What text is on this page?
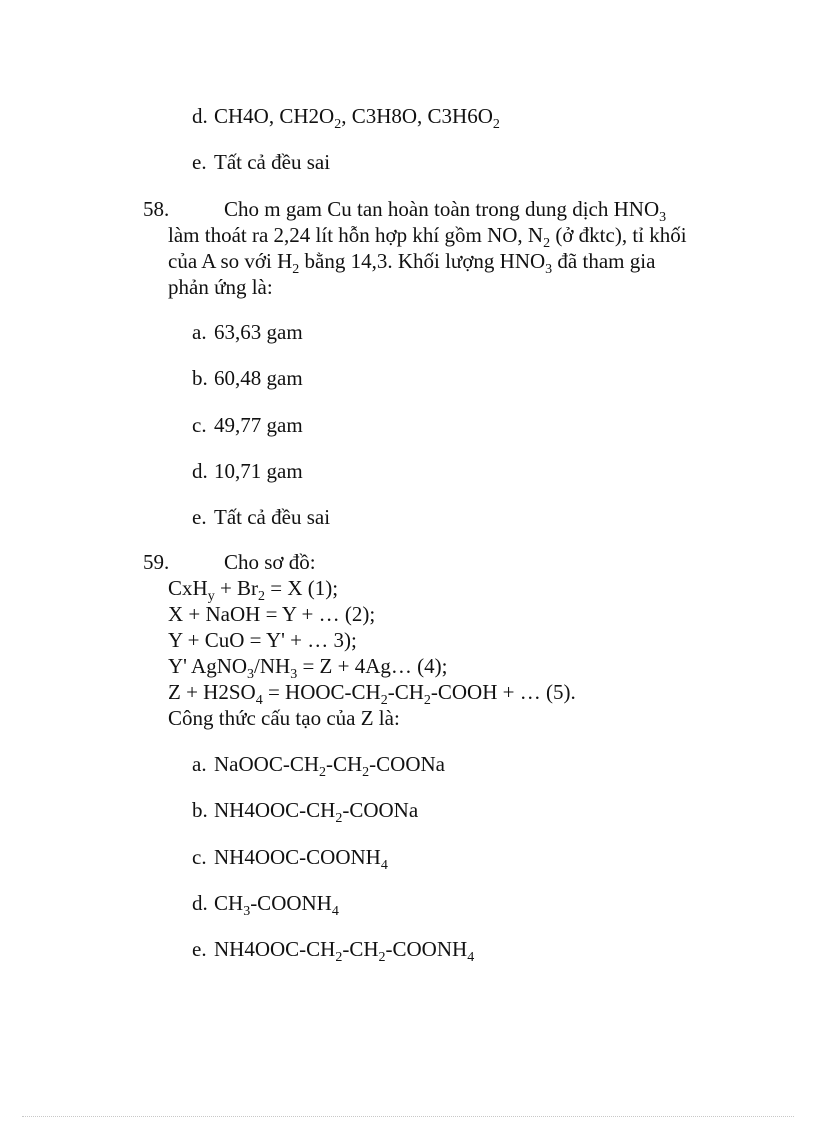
d. CH4O, $CH2O_2$, C3H8O, $C3H6O_2$
e. Tất cả đều sai
58.	Cho m gam Cu tan hoàn toàn trong dung dịch $HNO_3$
làm thoát ra 2,24 lít hỗn hợp khí gồm NO, $N_2$ (ở đktc), tỉ khối
của A so với $H_2$ bằng 14,3. Khối lượng $HNO_3$ đã tham gia
phản ứng là:
a. 63,63 gam
b. 60,48 gam
c. 49,77 gam
d. 10,71 gam
e. Tất cả đều sai
59.	Cho sơ đồ:
$CxH_y + Br_2 = X$ (1);
X + NaOH = Y + … (2);
Y + CuO = Y' + … 3);
Y' $AgNO_3/NH_3 = Z$ + 4Ag… (4);
$Z + H2SO_4$ = HOOC-$CH_2-CH_2$-COOH + … (5).
Công thức cấu tạo của Z là:
a. NaOOC-$CH_2-CH_2$-COONa
b. $NH4OOC-CH_2$-COONa
c. $NH4OOC-COONH_4$
d. $CH_3-COONH_4$
e. $NH4OOC-CH_2-CH_2-COONH_4$
